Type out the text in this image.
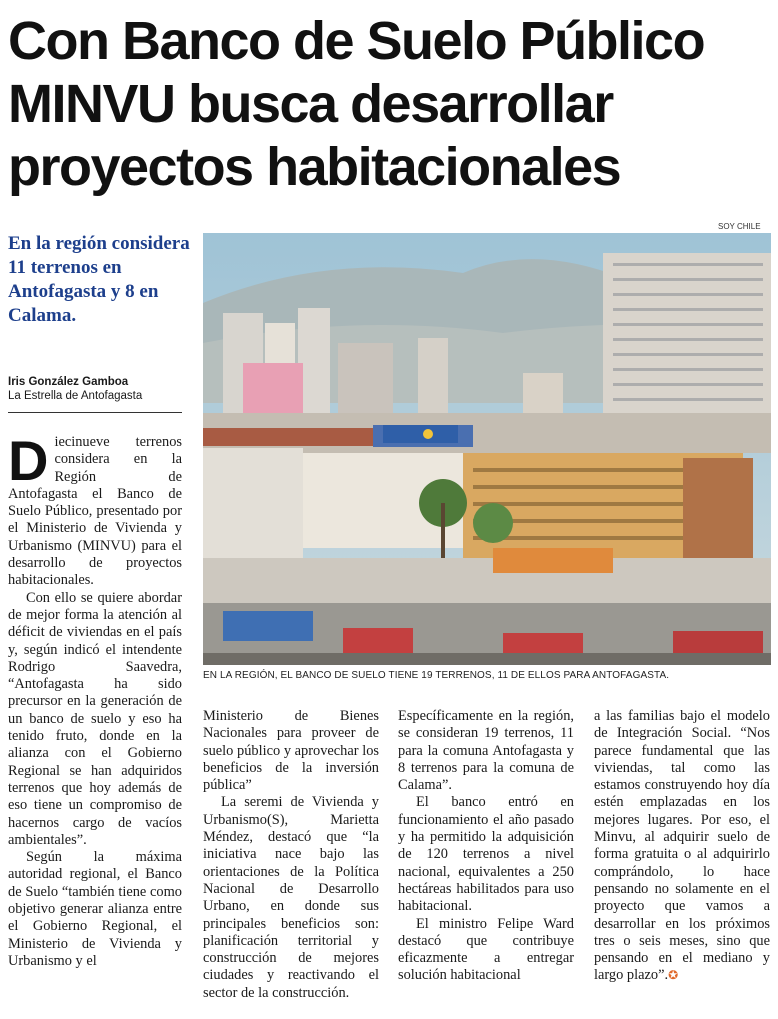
Con Banco de Suelo Público
MINVU busca desarrollar
proyectos habitacionales
SOY CHILE
En la región considera 11 terrenos en Antofagasta y 8 en Calama.
Iris González Gamboa
La Estrella de Antofagasta
EN LA REGIÓN, EL BANCO DE SUELO TIENE 19 TERRENOS, 11 DE ELLOS PARA ANTOFAGASTA.

Diecinueve terrenos considera en la Región de Antofagasta el Banco de Suelo Público, presentado por el Ministerio de Vivienda y Urbanismo (MINVU) para el desarrollo de proyectos habitacionales.

Con ello se quiere abordar de mejor forma la atención al déficit de viviendas en el país y, según indicó el intendente Rodrigo Saavedra, “Antofagasta ha sido precursor en la generación de un banco de suelo y eso ha tenido fruto, donde en la alianza con el Gobierno Regional se han adquiridos terrenos que hoy además de eso tiene un compromiso de hacernos cargo de vacíos ambientales”.

Según la máxima autoridad regional, el Banco de Suelo “también tiene como objetivo generar alianza entre el Gobierno Regional, el Ministerio de Vivienda y Urbanismo y el

Ministerio de Bienes Nacionales para proveer de suelo público y aprovechar los beneficios de la inversión pública”

La seremi de Vivienda y Urbanismo(S), Marietta Méndez, destacó que “la iniciativa nace bajo las orientaciones de la Política Nacional de Desarrollo Urbano, en donde sus principales beneficios son: planificación territorial y construcción de mejores ciudades y reactivando el sector de la construcción.

Específicamente en la región, se consideran 19 terrenos, 11 para la comuna Antofagasta y 8 terrenos para la comuna de Calama”.

El banco entró en funcionamiento el año pasado y ha permitido la adquisición de 120 terrenos a nivel nacional, equivalentes a 250 hectáreas habilitados para uso habitacional.

El ministro Felipe Ward destacó que contribuye eficazmente a entregar solución habitacional

a las familias bajo el modelo de Integración Social. “Nos parece fundamental que las viviendas, tal como las estamos construyendo hoy día estén emplazadas en los mejores lugares. Por eso, el Minvu, al adquirir suelo de forma gratuita o al adquirirlo comprándolo, lo hace pensando no solamente en el proyecto que vamos a desarrollar en los próximos tres o seis meses, sino que pensando en el mediano y largo plazo”.✪
